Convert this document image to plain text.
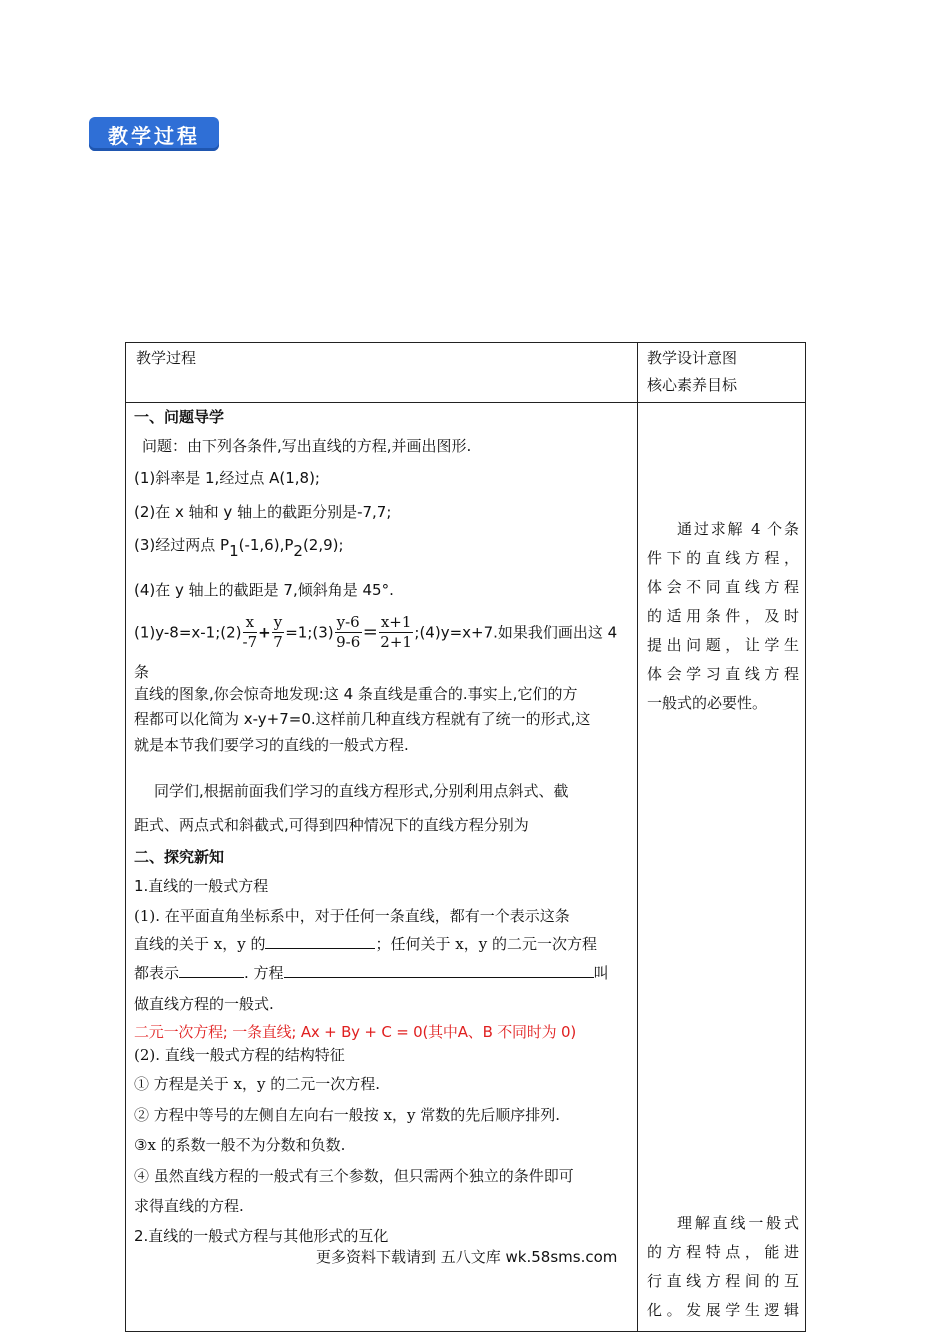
教学过程
教学过程	教学设计意图
核心素养目标
一、问题导学
问题：由下列各条件,写出直线的方程,并画出图形.
(1)斜率是 1,经过点 A(1,8);
(2)在 x 轴和 y 轴上的截距分别是-7,7;
(3)经过两点 $P_1(-1,6),P_2(2,9)$;
(4)在 y 轴上的截距是 7,倾斜角是 45°.
(1)y-8=x-1;(2) $\frac{x}{-7} + \frac{y}{7}$ =1;(3) $\frac{y-6}{9-6} = \frac{x+1}{2+1}$ ;(4)y=x+7.如果我们画出这 4
条
直线的图象,你会惊奇地发现:这 4 条直线是重合的.事实上,它们的方
程都可以化简为 x-y+7=0.这样前几种直线方程就有了统一的形式,这
就是本节我们要学习的直线的一般式方程.
同学们,根据前面我们学习的直线方程形式,分别利用点斜式、截
距式、两点式和斜截式,可得到四种情况下的直线方程分别为
二、探究新知
1.直线的一般式方程
(1). 在平面直角坐标系中，对于任何一条直线，都有一个表示这条
直线的关于 x，y 的	；任何关于 x，y 的二元一次方程
都表示	. 方程	叫
做直线方程的一般式.
二元一次方程; 一条直线; Ax + By + C = 0(其中A、B 不同时为 0)
(2). 直线一般式方程的结构特征
① 方程是关于 x，y 的二元一次方程.
② 方程中等号的左侧自左向右一般按 x，y 常数的先后顺序排列.
③x 的系数一般不为分数和负数.
④ 虽然直线方程的一般式有三个参数，但只需两个独立的条件即可
求得直线的方程.
2.直线的一般式方程与其他形式的互化
更多资料下载请到 五八文库 wk.58sms.com

通过求解 4 个条

件下的直线方程，

体会不同直线方程

的适用条件，及时

提出问题，让学生

体会学习直线方程

一般式的必要性。

理解直线一般式

的方程特点，能进

行直线方程间的互

化。发展学生逻辑
